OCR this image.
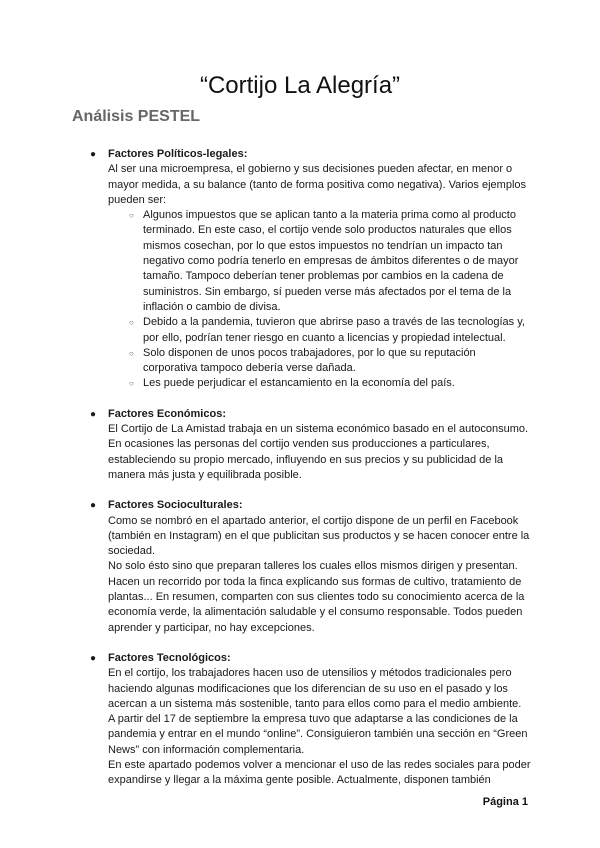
“Cortijo La Alegría”
Análisis PESTEL
● Factores Políticos-legales:
Al ser una microempresa, el gobierno y sus decisiones pueden afectar, en menor o mayor medida, a su balance (tanto de forma positiva como negativa). Varios ejemplos pueden ser:
○ Algunos impuestos que se aplican tanto a la materia prima como al producto terminado. En este caso, el cortijo vende solo productos naturales que ellos mismos cosechan, por lo que estos impuestos no tendrían un impacto tan negativo como podría tenerlo en empresas de ámbitos diferentes o de mayor tamaño. Tampoco deberían tener problemas por cambios en la cadena de suministros. Sin embargo, sí pueden verse más afectados por el tema de la inflación o cambio de divisa.
○ Debido a la pandemia, tuvieron que abrirse paso a través de las tecnologías y, por ello, podrían tener riesgo en cuanto a licencias y propiedad intelectual.
○ Solo disponen de unos pocos trabajadores, por lo que su reputación corporativa tampoco debería verse dañada.
○ Les puede perjudicar el estancamiento en la economía del país.
● Factores Económicos:
El Cortijo de La Amistad trabaja en un sistema económico basado en el autoconsumo.
En ocasiones las personas del cortijo venden sus producciones a particulares, estableciendo su propio mercado, influyendo en sus precios y su publicidad de la manera más justa y equilibrada posible.
● Factores Socioculturales:
Como se nombró en el apartado anterior, el cortijo dispone de un perfil en Facebook (también en Instagram) en el que publicitan sus productos y se hacen conocer entre la sociedad.
No solo ésto sino que preparan talleres los cuales ellos mismos dirigen y presentan. Hacen un recorrido por toda la finca explicando sus formas de cultivo, tratamiento de plantas... En resumen, comparten con sus clientes todo su conocimiento acerca de la economía verde, la alimentación saludable y el consumo responsable. Todos pueden aprender y participar, no hay excepciones.
● Factores Tecnológicos:
En el cortijo, los trabajadores hacen uso de utensilios y métodos tradicionales pero haciendo algunas modificaciones que los diferencian de su uso en el pasado y los acercan a un sistema más sostenible, tanto para ellos como para el medio ambiente.
A partir del 17 de septiembre la empresa tuvo que adaptarse a las condiciones de la pandemia y entrar en el mundo “online”. Consiguieron también una sección en “Green News” con información complementaria.
En este apartado podemos volver a mencionar el uso de las redes sociales para poder expandirse y llegar a la máxima gente posible. Actualmente, disponen también
Página 1
